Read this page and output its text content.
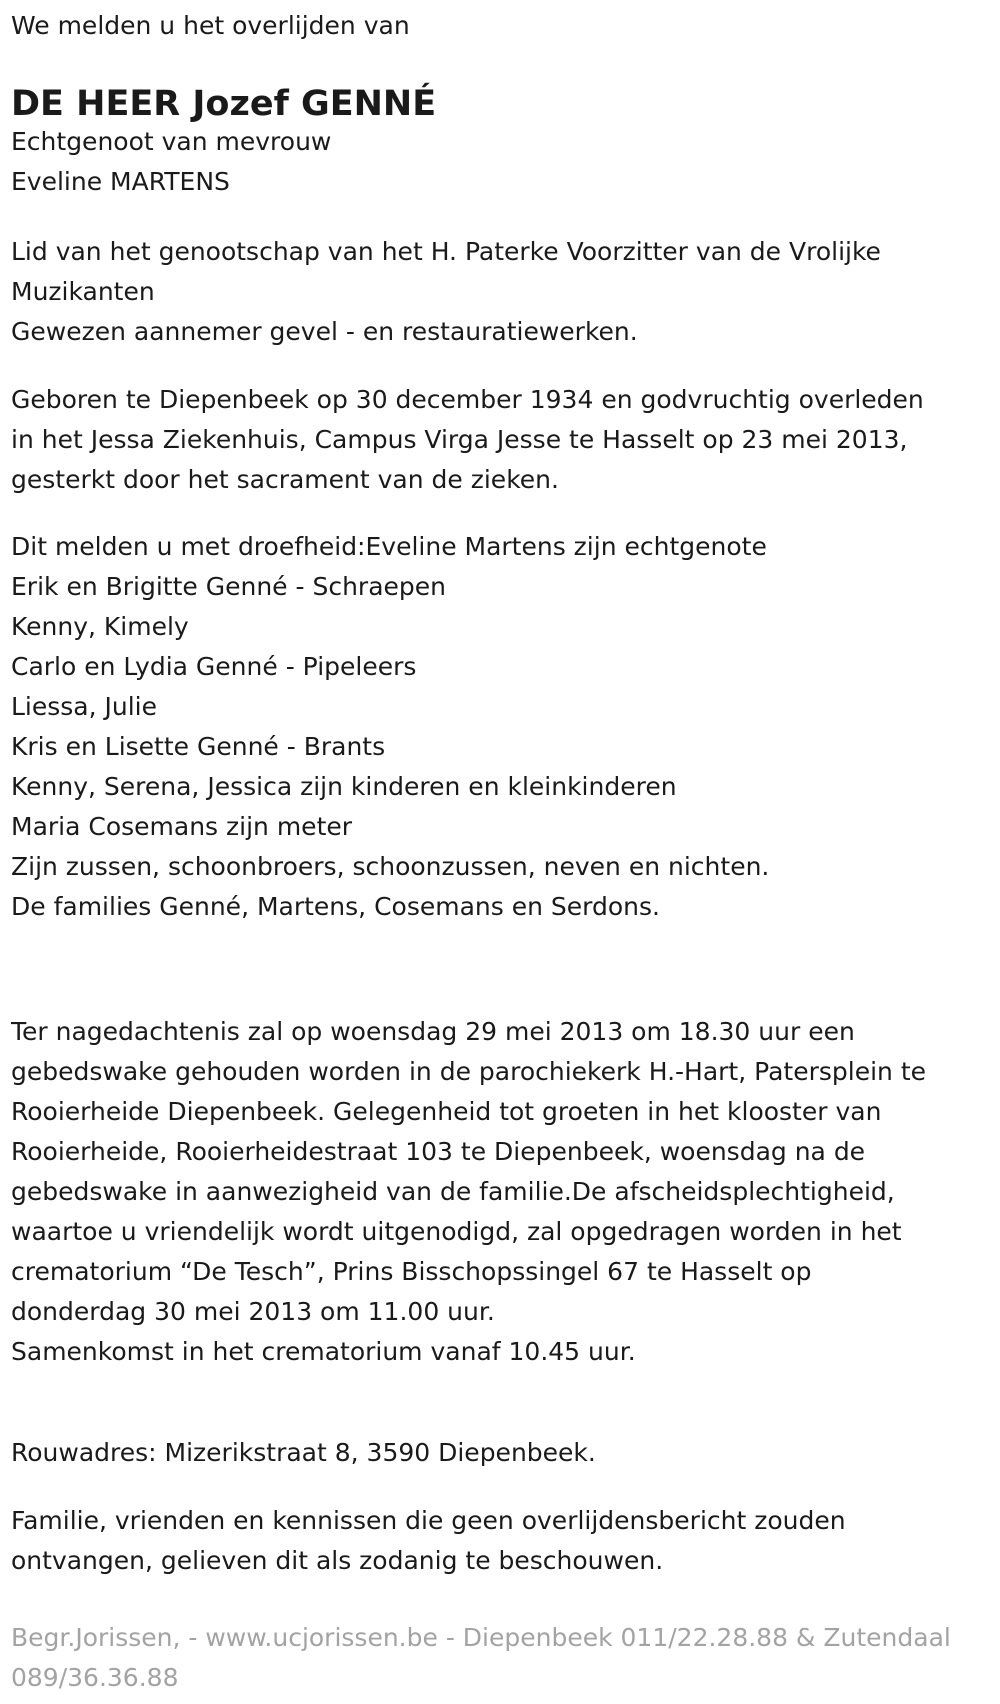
We melden u het overlijden van

DE HEER Jozef GENNÉ

Echtgenoot van mevrouw

Eveline MARTENS

Lid van het genootschap van het H. Paterke Voorzitter van de Vrolijke

Muzikanten

Gewezen aannemer gevel - en restauratiewerken.

Geboren te Diepenbeek op 30 december 1934 en godvruchtig overleden

in het Jessa Ziekenhuis, Campus Virga Jesse te Hasselt op 23 mei 2013,

gesterkt door het sacrament van de zieken.

Dit melden u met droefheid:Eveline Martens zijn echtgenote

Erik en Brigitte Genné - Schraepen

Kenny, Kimely

Carlo en Lydia Genné - Pipeleers

Liessa, Julie

Kris en Lisette Genné - Brants

Kenny, Serena, Jessica zijn kinderen en kleinkinderen

Maria Cosemans zijn meter

Zijn zussen, schoonbroers, schoonzussen, neven en nichten.

De families Genné, Martens, Cosemans en Serdons.

Ter nagedachtenis zal op woensdag 29 mei 2013 om 18.30 uur een

gebedswake gehouden worden in de parochiekerk H.-Hart, Patersplein te

Rooierheide Diepenbeek. Gelegenheid tot groeten in het klooster van

Rooierheide, Rooierheidestraat 103 te Diepenbeek, woensdag na de

gebedswake in aanwezigheid van de familie.De afscheidsplechtigheid,

waartoe u vriendelijk wordt uitgenodigd, zal opgedragen worden in het

crematorium “De Tesch”, Prins Bisschopssingel 67 te Hasselt op

donderdag 30 mei 2013 om 11.00 uur.

Samenkomst in het crematorium vanaf 10.45 uur.

Rouwadres: Mizerikstraat 8, 3590 Diepenbeek.

Familie, vrienden en kennissen die geen overlijdensbericht zouden

ontvangen, gelieven dit als zodanig te beschouwen.

Begr.Jorissen, - www.ucjorissen.be - Diepenbeek 011/22.28.88 & Zutendaal

089/36.36.88
